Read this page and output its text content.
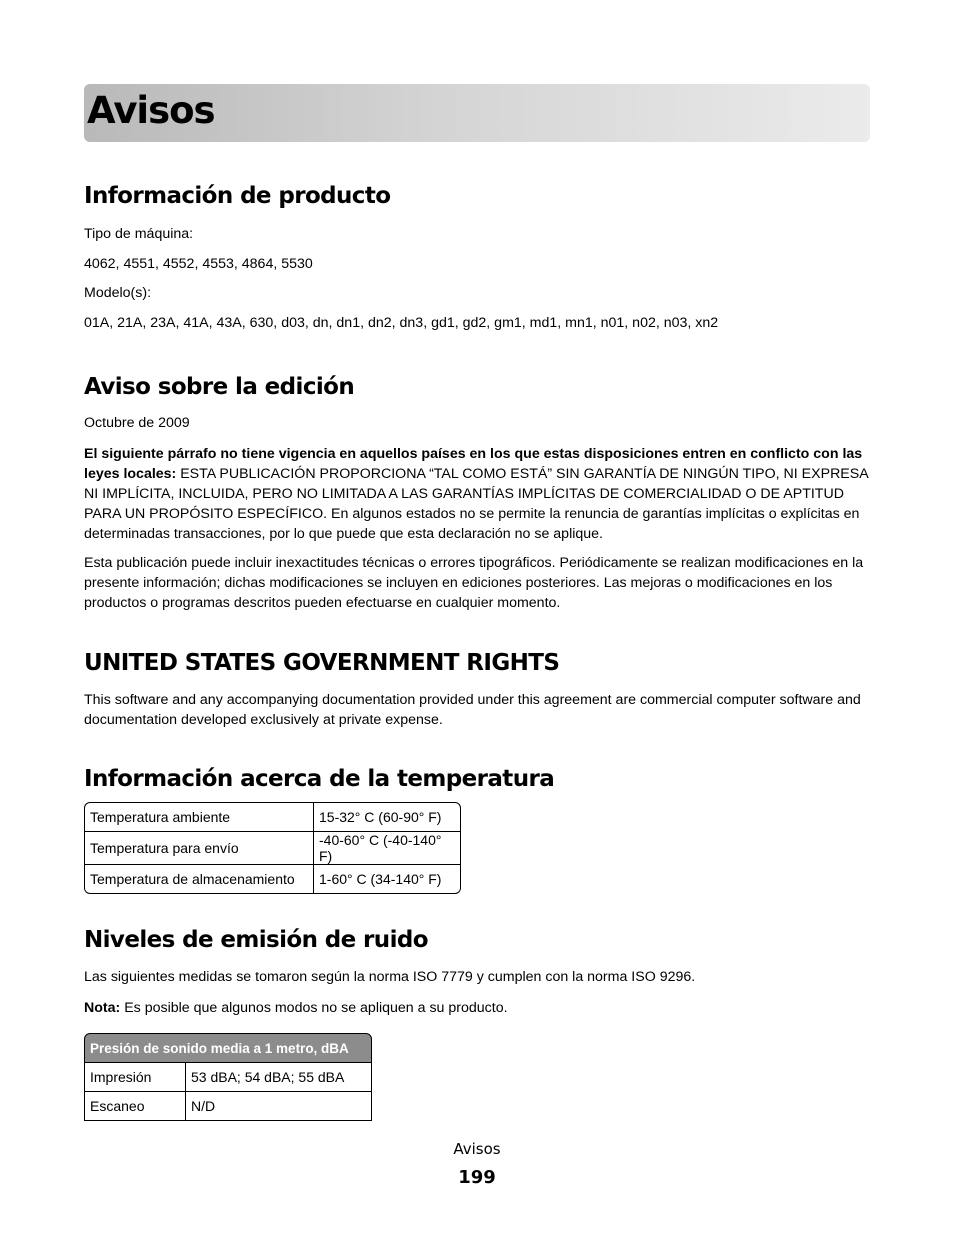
Avisos
Información de producto

Tipo de máquina:

4062, 4551, 4552, 4553, 4864, 5530

Modelo(s):

01A, 21A, 23A, 41A, 43A, 630, d03, dn, dn1, dn2, dn3, gd1, gd2, gm1, md1, mn1, n01, n02, n03, xn2

Aviso sobre la edición

Octubre de 2009

El siguiente párrafo no tiene vigencia en aquellos países en los que estas disposiciones entren en conflicto con las leyes locales: ESTA PUBLICACIÓN PROPORCIONA “TAL COMO ESTÁ” SIN GARANTÍA DE NINGÚN TIPO, NI EXPRESA NI IMPLÍCITA, INCLUIDA, PERO NO LIMITADA A LAS GARANTÍAS IMPLÍCITAS DE COMERCIALIDAD O DE APTITUD PARA UN PROPÓSITO ESPECÍFICO. En algunos estados no se permite la renuncia de garantías implícitas o explícitas en determinadas transacciones, por lo que puede que esta declaración no se aplique.

Esta publicación puede incluir inexactitudes técnicas o errores tipográficos. Periódicamente se realizan modificaciones en la presente información; dichas modificaciones se incluyen en ediciones posteriores. Las mejoras o modificaciones en los productos o programas descritos pueden efectuarse en cualquier momento.

UNITED STATES GOVERNMENT RIGHTS

This software and any accompanying documentation provided under this agreement are commercial computer software and documentation developed exclusively at private expense.

Información acerca de la temperatura
Temperatura ambiente	15-32° C (60-90° F)
Temperatura para envío	-40-60° C (-40-140° F)
Temperatura de almacenamiento	1-60° C (34-140° F)
Niveles de emisión de ruido

Las siguientes medidas se tomaron según la norma ISO 7779 y cumplen con la norma ISO 9296.

Nota: Es posible que algunos modos no se apliquen a su producto.

Presión de sonido media a 1 metro, dBA	
Impresión	53 dBA; 54 dBA; 55 dBA
Escaneo	N/D
Avisos
199
